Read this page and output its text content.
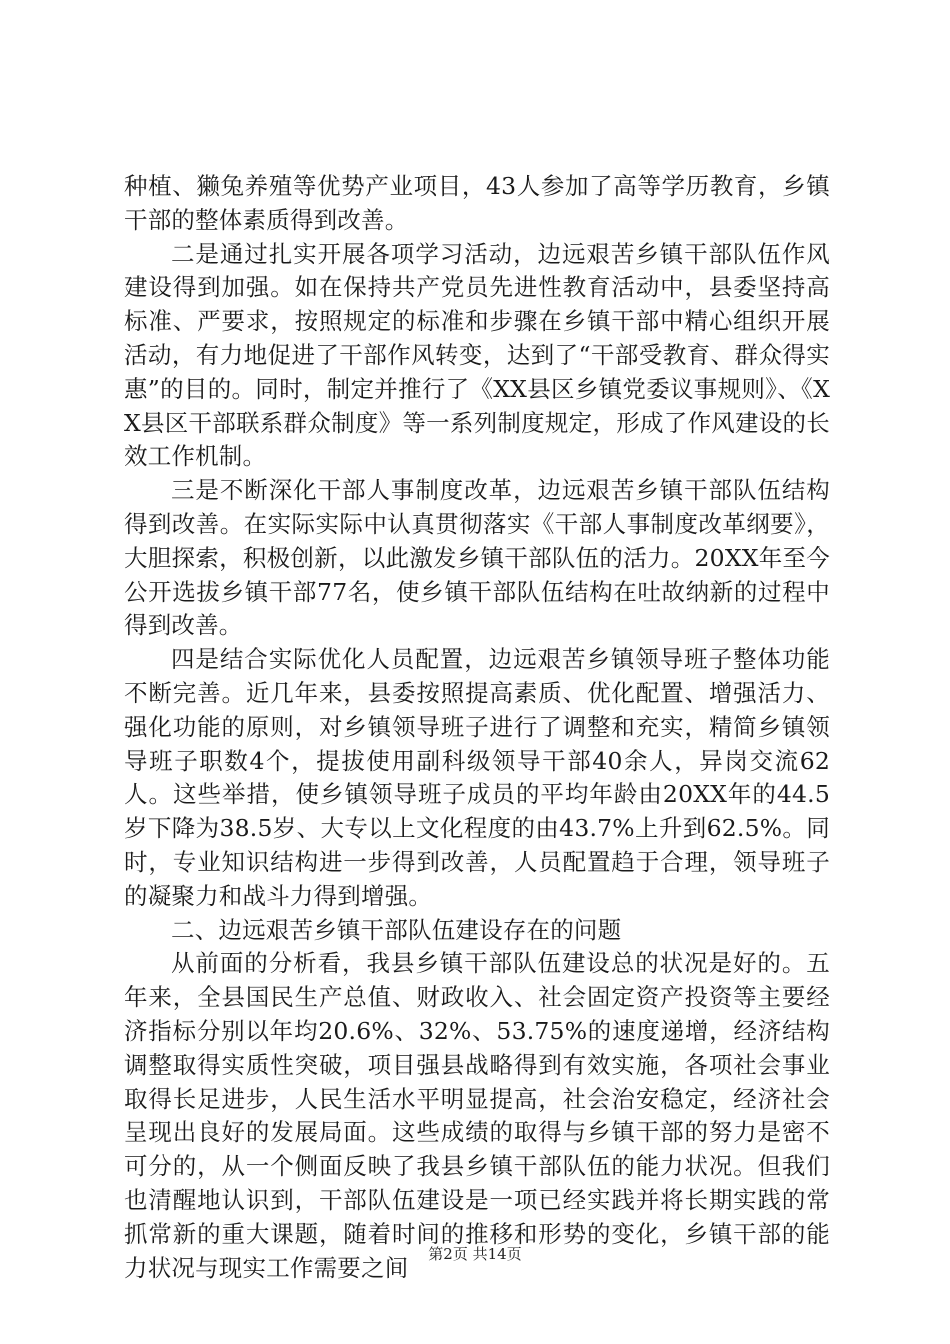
种植、獭兔养殖等优势产业项目，43人参加了高等学历教育，乡镇干部的整体素质得到改善。

二是通过扎实开展各项学习活动，边远艰苦乡镇干部队伍作风建设得到加强。如在保持共产党员先进性教育活动中，县委坚持高标准、严要求，按照规定的标准和步骤在乡镇干部中精心组织开展活动，有力地促进了干部作风转变，达到了“干部受教育、群众得实惠”的目的。同时，制定并推行了《XX县区乡镇党委议事规则》、《XX县区干部联系群众制度》等一系列制度规定，形成了作风建设的长效工作机制。

三是不断深化干部人事制度改革，边远艰苦乡镇干部队伍结构得到改善。在实际实际中认真贯彻落实《干部人事制度改革纲要》，大胆探索，积极创新，以此激发乡镇干部队伍的活力。20XX年至今公开选拔乡镇干部77名，使乡镇干部队伍结构在吐故纳新的过程中得到改善。

四是结合实际优化人员配置，边远艰苦乡镇领导班子整体功能不断完善。近几年来，县委按照提高素质、优化配置、增强活力、强化功能的原则，对乡镇领导班子进行了调整和充实，精简乡镇领导班子职数4个，提拔使用副科级领导干部40余人，异岗交流62人。这些举措，使乡镇领导班子成员的平均年龄由20XX年的44.5岁下降为38.5岁、大专以上文化程度的由43.7%上升到62.5%。同时，专业知识结构进一步得到改善，人员配置趋于合理，领导班子的凝聚力和战斗力得到增强。

二、边远艰苦乡镇干部队伍建设存在的问题

从前面的分析看，我县乡镇干部队伍建设总的状况是好的。五年来，全县国民生产总值、财政收入、社会固定资产投资等主要经济指标分别以年均20.6%、32%、53.75%的速度递增，经济结构调整取得实质性突破，项目强县战略得到有效实施，各项社会事业取得长足进步，人民生活水平明显提高，社会治安稳定，经济社会呈现出良好的发展局面。这些成绩的取得与乡镇干部的努力是密不可分的，从一个侧面反映了我县乡镇干部队伍的能力状况。但我们也清醒地认识到，干部队伍建设是一项已经实践并将长期实践的常抓常新的重大课题，随着时间的推移和形势的变化，乡镇干部的能力状况与现实工作需要之间	第2页 共14页
